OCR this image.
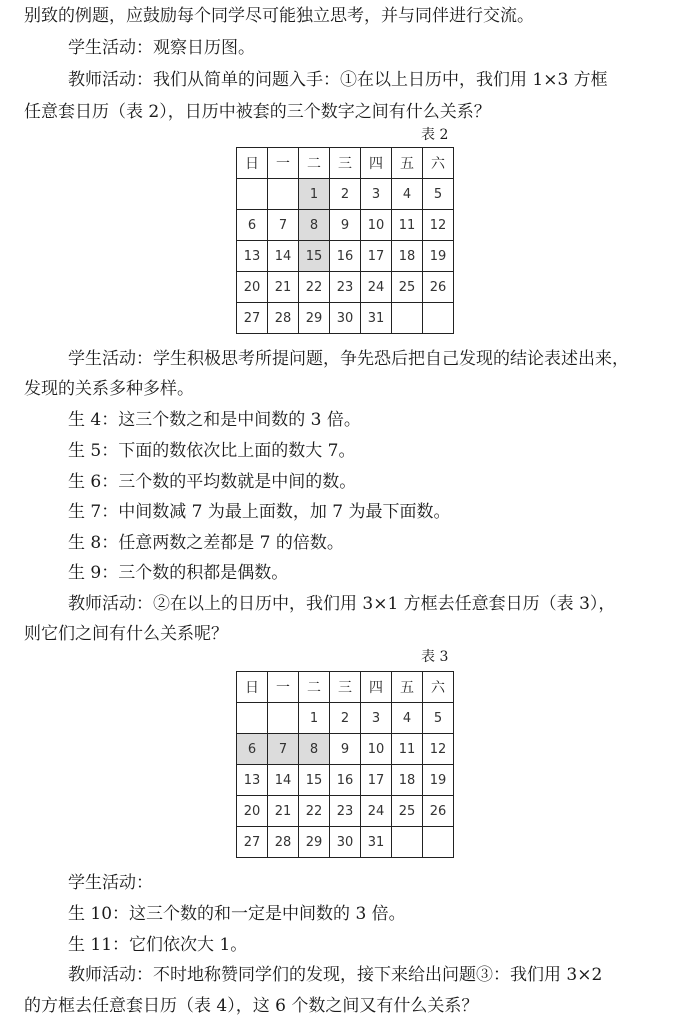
别致的例题，应鼓励每个同学尽可能独立思考，并与同伴进行交流。
学生活动：观察日历图。
教师活动：我们从简单的问题入手：①在以上日历中，我们用 1×3 方框
任意套日历（表 2），日历中被套的三个数字之间有什么关系？
表 2
日	一	二	三	四	五	六
		1	2	3	4	5
6	7	8	9	10	11	12
13	14	15	16	17	18	19
20	21	22	23	24	25	26
27	28	29	30	31		
学生活动：学生积极思考所提问题，争先恐后把自己发现的结论表述出来，
发现的关系多种多样。
生 4：这三个数之和是中间数的 3 倍。
生 5：下面的数依次比上面的数大 7。
生 6：三个数的平均数就是中间的数。
生 7：中间数减 7 为最上面数，加 7 为最下面数。
生 8：任意两数之差都是 7 的倍数。
生 9：三个数的积都是偶数。
教师活动：②在以上的日历中，我们用 3×1 方框去任意套日历（表 3），
则它们之间有什么关系呢？
表 3
日	一	二	三	四	五	六
		1	2	3	4	5
6	7	8	9	10	11	12
13	14	15	16	17	18	19
20	21	22	23	24	25	26
27	28	29	30	31		
学生活动：
生 10：这三个数的和一定是中间数的 3 倍。
生 11：它们依次大 1。
教师活动：不时地称赞同学们的发现，接下来给出问题③：我们用 3×2
的方框去任意套日历（表 4），这 6 个数之间又有什么关系？
